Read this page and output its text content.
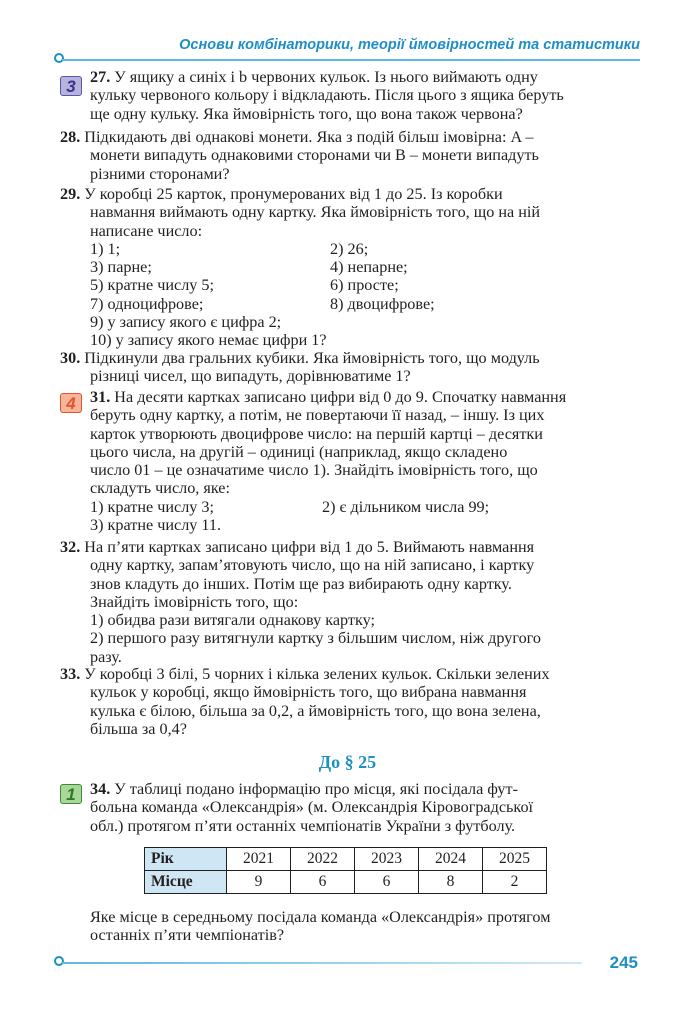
Основи комбінаторики, теорії ймовірностей та статистики
3 27. У ящику a синіх і b червоних кульок. Із нього виймають одну

кульку червоного кольору і відкладають. Після цього з ящика беруть

ще одну кульку. Яка ймовірність того, що вона також червона?

28. Підкидають дві однакові монети. Яка з подій більш імовірна: A –

монети випадуть однаковими сторонами чи B – монети випадуть

різними сторонами?

29. У коробці 25 карток, пронумерованих від 1 до 25. Із коробки

навмання виймають одну картку. Яка ймовірність того, що на ній

написане число:

1) 1;	2) 26;
3) парне;	4) непарне;
5) кратне числу 5;	6) просте;
7) одноцифрове;	8) двоцифрове;

9) у запису якого є цифра 2;

10) у запису якого немає цифри 1?

30. Підкинули два гральних кубики. Яка ймовірність того, що модуль

різниці чисел, що випадуть, дорівнюватиме 1?

4 31. На десяти картках записано цифри від 0 до 9. Спочатку навмання

беруть одну картку, а потім, не повертаючи її назад, – іншу. Із цих

карток утворюють двоцифрове число: на першій картці – десятки

цього числа, на другій – одиниці (наприклад, якщо складено

число 01 – це означатиме число 1). Знайдіть імовірність того, що

складуть число, яке:

1) кратне числу 3;	2) є дільником числа 99;

3) кратне числу 11.

32. На п’яти картках записано цифри від 1 до 5. Виймають навмання

одну картку, запам’ятовують число, що на ній записано, і картку

знов кладуть до інших. Потім ще раз вибирають одну картку.

Знайдіть імовірність того, що:

1) обидва рази витягали однакову картку;

2) першого разу витягнули картку з більшим числом, ніж другого

разу.

33. У коробці 3 білі, 5 чорних і кілька зелених кульок. Скільки зелених

кульок у коробці, якщо ймовірність того, що вибрана навмання

кулька є білою, більша за 0,2, а ймовірність того, що вона зелена,

більша за 0,4?

До § 25
1 34. У таблиці подано інформацію про місця, які посідала фут-

больна команда «Олександрія» (м. Олександрія Кіровоградської

обл.) протягом п’яти останніх чемпіонатів України з футболу.

Рік	2021	2022	2023	2024	2025
Місце	9	6	6	8	2

Яке місце в середньому посідала команда «Олександрія» протягом

останніх п’яти чемпіонатів?

245
